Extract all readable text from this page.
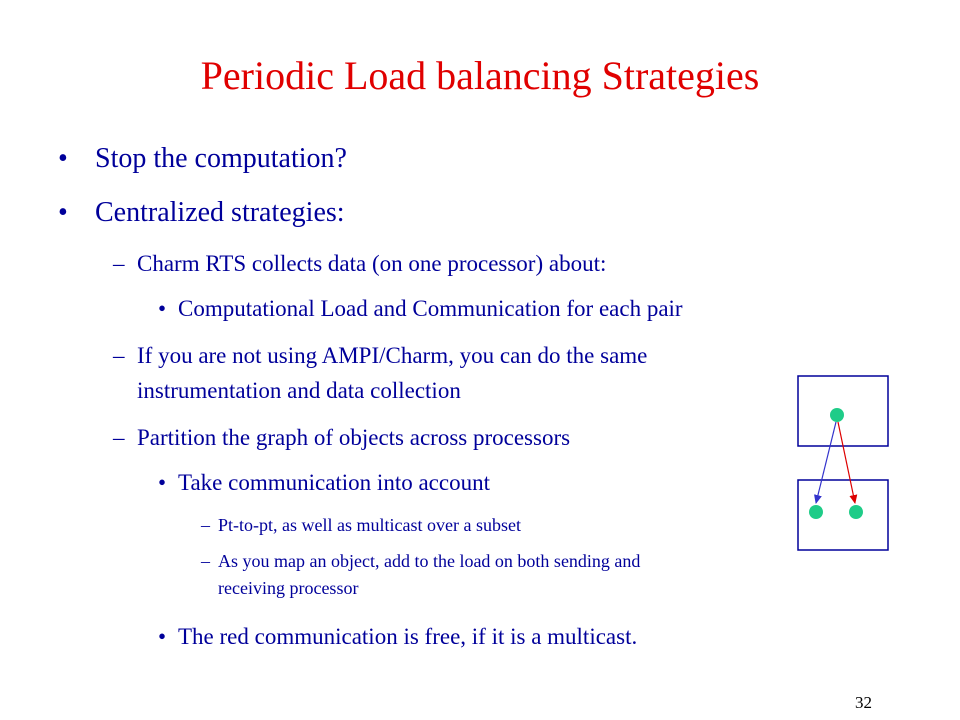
Periodic Load balancing Strategies
• Stop the computation?
• Centralized strategies:
– Charm RTS collects data (on one processor) about:
• Computational Load and Communication for each pair
– If you are not using AMPI/Charm, you can do the same
instrumentation and data collection
– Partition the graph of objects across processors
• Take communication into account
– Pt-to-pt, as well as multicast over a subset
– As you map an object, add to the load on both sending and
receiving processor
• The red communication is free, if it is a multicast.
32
